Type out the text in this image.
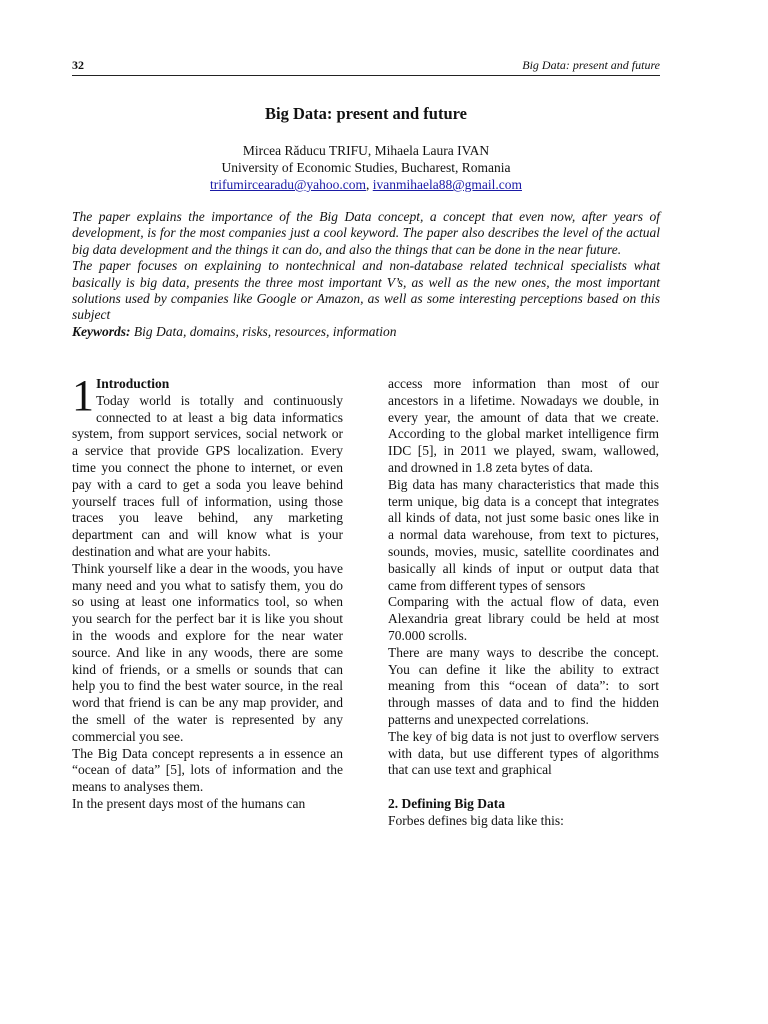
32	Big Data: present and future
Big Data: present and future
Mircea Răducu TRIFU, Mihaela Laura IVAN
University of Economic Studies, Bucharest, Romania
trifumircearadu@yahoo.com, ivanmihaela88@gmail.com

The paper explains the importance of the Big Data concept, a concept that even now, after years of development, is for the most companies just a cool keyword. The paper also describes the level of the actual big data development and the things it can do, and also the things that can be done in the near future.

The paper focuses on explaining to nontechnical and non-database related technical specialists what basically is big data, presents the three most important V’s, as well as the new ones, the most important solutions used by companies like Google or Amazon, as well as some interesting perceptions based on this subject

Keywords: Big Data, domains, risks, resources, information

1 Introduction

Today world is totally and continuously connected to at least a big data informatics system, from support services, social network or a service that provide GPS localization. Every time you connect the phone to internet, or even pay with a card to get a soda you leave behind yourself traces full of information, using those traces you leave behind, any marketing department can and will know what is your destination and what are your habits.

Think yourself like a dear in the woods, you have many need and you what to satisfy them, you do so using at least one informatics tool, so when you search for the perfect bar it is like you shout in the woods and explore for the near water source. And like in any woods, there are some kind of friends, or a smells or sounds that can help you to find the best water source, in the real word that friend is can be any map provider, and the smell of the water is represented by any commercial you see.

The Big Data concept represents a in essence an “ocean of data” [5], lots of information and the means to analyses them.

In the present days most of the humans can

access more information than most of our ancestors in a lifetime. Nowadays we double, in every year, the amount of data that we create. According to the global market intelligence firm IDC [5], in 2011 we played, swam, wallowed, and drowned in 1.8 zeta bytes of data.

Big data has many characteristics that made this term unique, big data is a concept that integrates all kinds of data, not just some basic ones like in a normal data warehouse, from text to pictures, sounds, movies, music, satellite coordinates and basically all kinds of input or output data that came from different types of sensors

Comparing with the actual flow of data, even Alexandria great library could be held at most 70.000 scrolls.

There are many ways to describe the concept. You can define it like the ability to extract meaning from this “ocean of data”: to sort through masses of data and to find the hidden patterns and unexpected correlations.

The key of big data is not just to overflow servers with data, but use different types of algorithms that can use text and graphical

2. Defining Big Data

Forbes defines big data like this:
